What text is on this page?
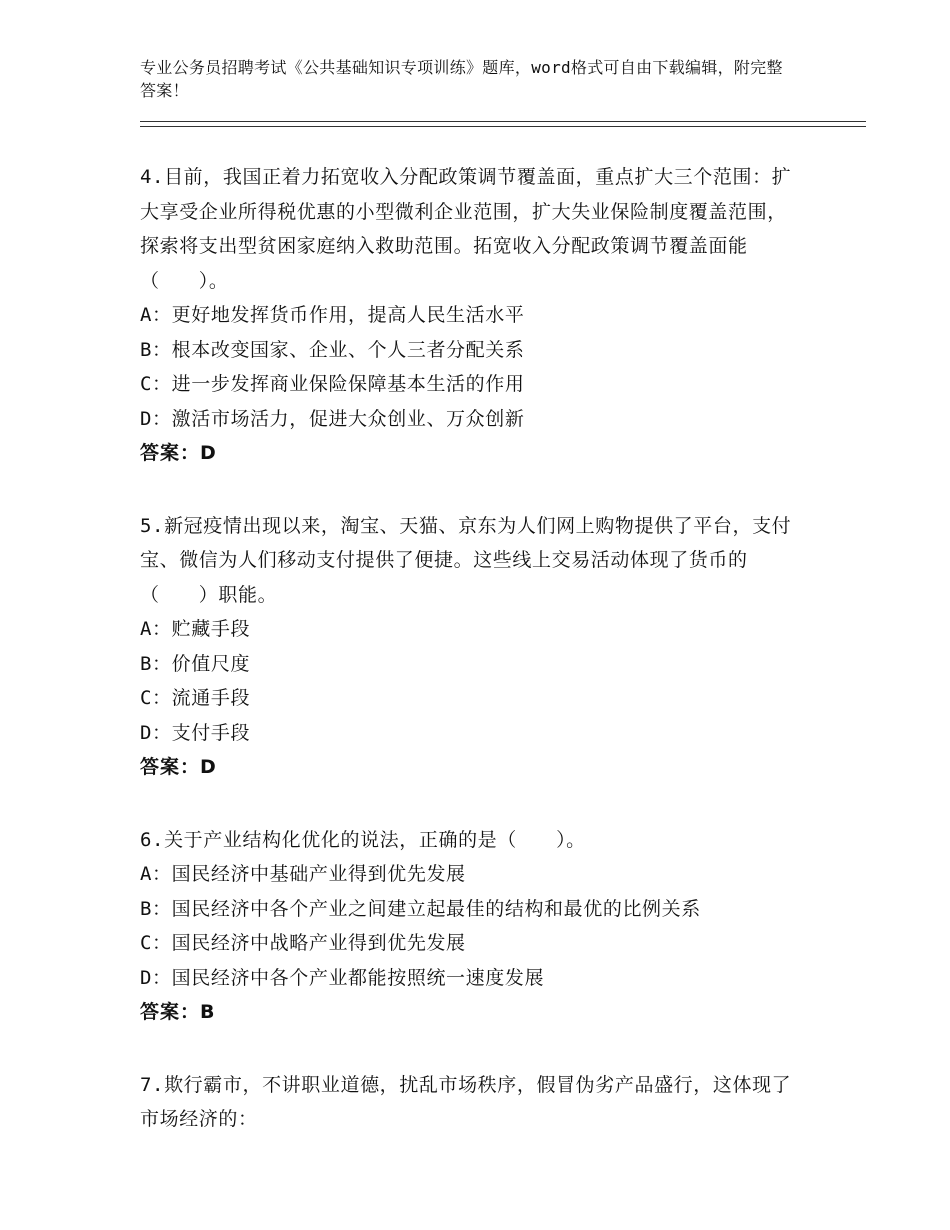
专业公务员招聘考试《公共基础知识专项训练》题库，word格式可自由下载编辑，附完整答案！

4.目前，我国正着力拓宽收入分配政策调节覆盖面，重点扩大三个范围：扩大享受企业所得税优惠的小型微利企业范围，扩大失业保险制度覆盖范围，探索将支出型贫困家庭纳入救助范围。拓宽收入分配政策调节覆盖面能（　　）。

A：更好地发挥货币作用，提高人民生活水平
B：根本改变国家、企业、个人三者分配关系
C：进一步发挥商业保险保障基本生活的作用
D：激活市场活力，促进大众创业、万众创新
答案：D

5.新冠疫情出现以来，淘宝、天猫、京东为人们网上购物提供了平台，支付宝、微信为人们移动支付提供了便捷。这些线上交易活动体现了货币的（　　）职能。

A：贮藏手段
B：价值尺度
C：流通手段
D：支付手段
答案：D

6.关于产业结构化优化的说法，正确的是（　　）。

A：国民经济中基础产业得到优先发展
B：国民经济中各个产业之间建立起最佳的结构和最优的比例关系
C：国民经济中战略产业得到优先发展
D：国民经济中各个产业都能按照统一速度发展
答案：B

7.欺行霸市，不讲职业道德，扰乱市场秩序，假冒伪劣产品盛行，这体现了市场经济的：
